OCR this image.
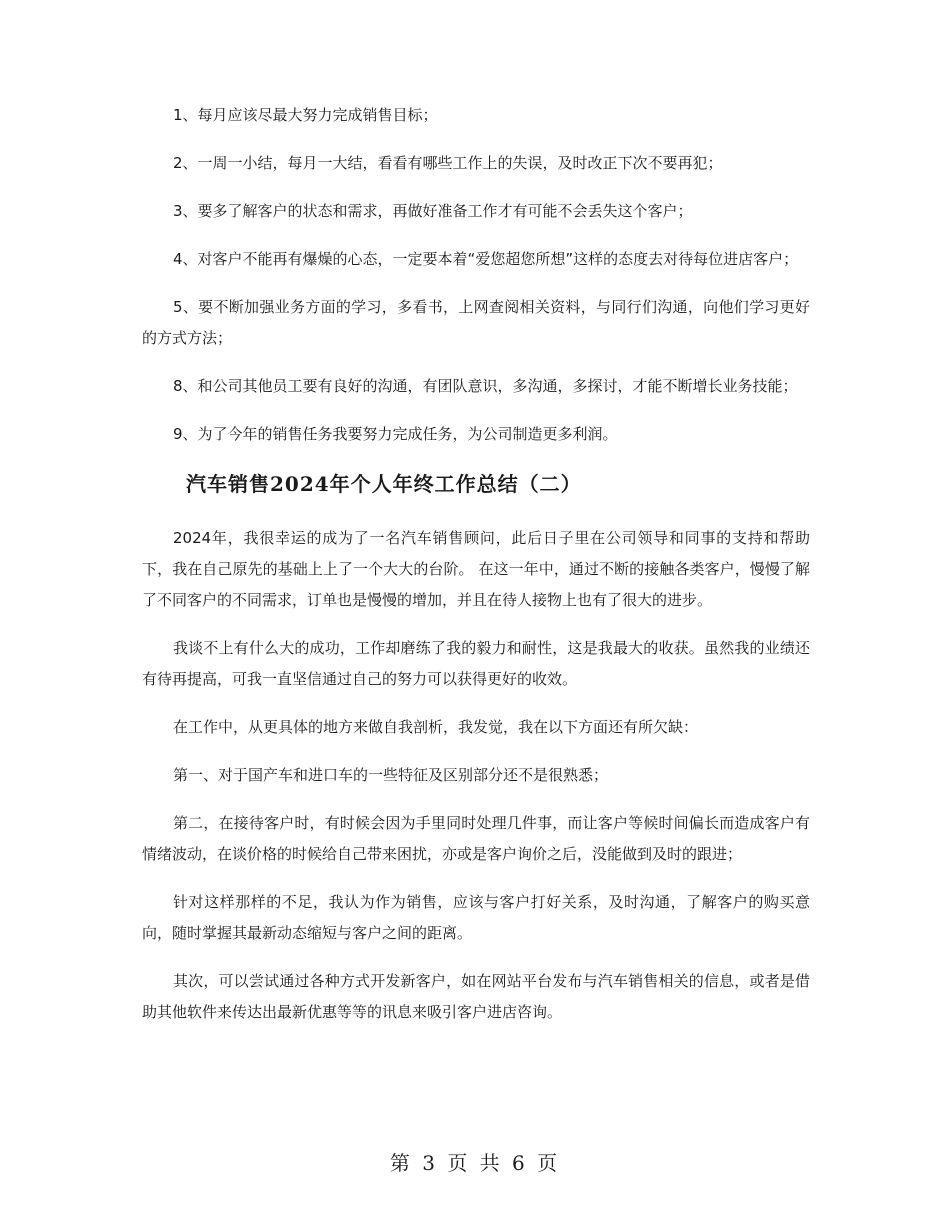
1、每月应该尽最大努力完成销售目标；

2、一周一小结，每月一大结，看看有哪些工作上的失误，及时改正下次不要再犯；

3、要多了解客户的状态和需求，再做好准备工作才有可能不会丢失这个客户；

4、对客户不能再有爆燥的心态，一定要本着“爱您超您所想”这样的态度去对待每位进店客户；

5、要不断加强业务方面的学习，多看书，上网查阅相关资料，与同行们沟通，向他们学习更好的方式方法；

8、和公司其他员工要有良好的沟通，有团队意识，多沟通，多探讨，才能不断增长业务技能；

9、为了今年的销售任务我要努力完成任务，为公司制造更多利润。

汽车销售2024年个人年终工作总结（二）

2024年，我很幸运的成为了一名汽车销售顾问，此后日子里在公司领导和同事的支持和帮助下，我在自己原先的基础上上了一个大大的台阶。 在这一年中，通过不断的接触各类客户，慢慢了解了不同客户的不同需求，订单也是慢慢的增加，并且在待人接物上也有了很大的进步。

我谈不上有什么大的成功，工作却磨练了我的毅力和耐性，这是我最大的收获。虽然我的业绩还有待再提高，可我一直坚信通过自己的努力可以获得更好的收效。

在工作中，从更具体的地方来做自我剖析，我发觉，我在以下方面还有所欠缺：

第一、对于国产车和进口车的一些特征及区别部分还不是很熟悉；

第二，在接待客户时，有时候会因为手里同时处理几件事，而让客户等候时间偏长而造成客户有情绪波动，在谈价格的时候给自己带来困扰，亦或是客户询价之后，没能做到及时的跟进；

针对这样那样的不足，我认为作为销售，应该与客户打好关系，及时沟通，了解客户的购买意向，随时掌握其最新动态缩短与客户之间的距离。

其次，可以尝试通过各种方式开发新客户，如在网站平台发布与汽车销售相关的信息，或者是借助其他软件来传达出最新优惠等等的讯息来吸引客户进店咨询。

第 3 页 共 6 页
